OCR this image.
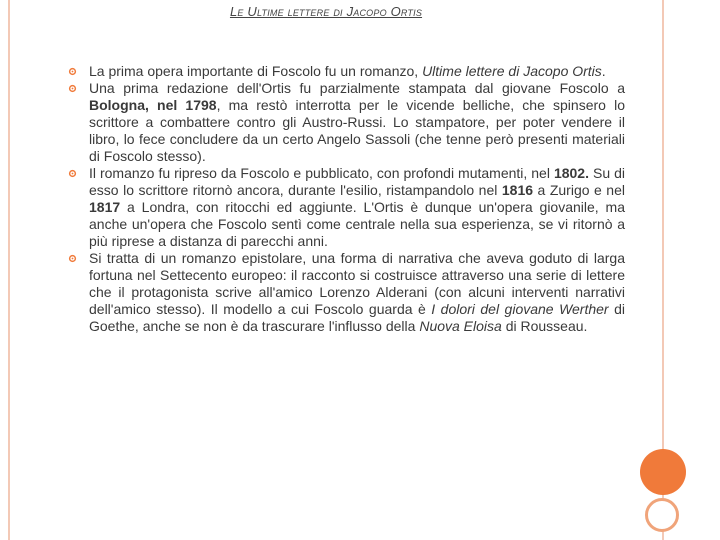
Le Ultime lettere di Jacopo Ortis
La prima opera importante di Foscolo fu un romanzo, Ultime lettere di Jacopo Ortis.
Una prima redazione dell'Ortis fu parzialmente stampata dal giovane Foscolo a Bologna, nel 1798, ma restò interrotta per le vicende belliche, che spinsero lo scrittore a combattere contro gli Austro-Russi. Lo stampatore, per poter vendere il libro, lo fece concludere da un certo Angelo Sassoli (che tenne però presenti materiali di Foscolo stesso).
Il romanzo fu ripreso da Foscolo e pubblicato, con profondi mutamenti, nel 1802. Su di esso lo scrittore ritornò ancora, durante l'esilio, ristampandolo nel 1816 a Zurigo e nel 1817 a Londra, con ritocchi ed aggiunte. L'Ortis è dunque un'opera giovanile, ma anche un'opera che Foscolo sentì come centrale nella sua esperienza, se vi ritornò a più riprese a distanza di parecchi anni.
Si tratta di un romanzo epistolare, una forma di narrativa che aveva goduto di larga fortuna nel Settecento europeo: il racconto si costruisce attraverso una serie di lettere che il protagonista scrive all'amico Lorenzo Alderani (con alcuni interventi narrativi dell'amico stesso). Il modello a cui Foscolo guarda è I dolori del giovane Werther di Goethe, anche se non è da trascurare l'influsso della Nuova Eloisa di Rousseau.
